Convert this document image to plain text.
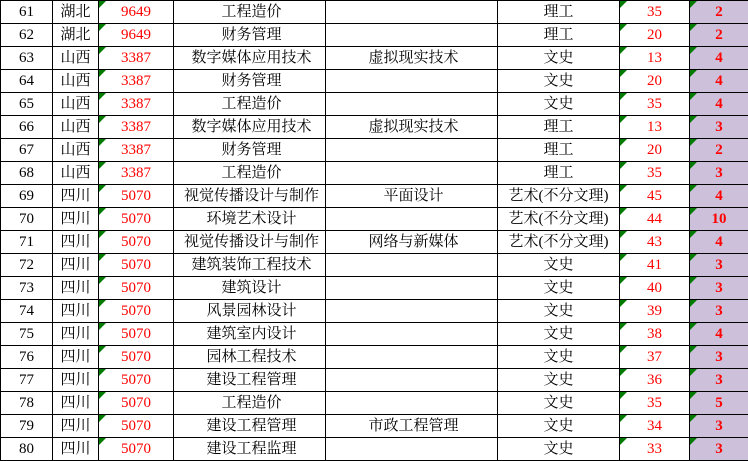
61	湖北	9649	工程造价		理工	35	2
62	湖北	9649	财务管理		理工	20	2
63	山西	3387	数字媒体应用技术	虚拟现实技术	文史	13	4
64	山西	3387	财务管理		文史	20	4
65	山西	3387	工程造价		文史	35	4
66	山西	3387	数字媒体应用技术	虚拟现实技术	理工	13	3
67	山西	3387	财务管理		理工	20	2
68	山西	3387	工程造价		理工	35	3
69	四川	5070	视觉传播设计与制作	平面设计	艺术(不分文理)	45	4
70	四川	5070	环境艺术设计		艺术(不分文理)	44	10
71	四川	5070	视觉传播设计与制作	网络与新媒体	艺术(不分文理)	43	4
72	四川	5070	建筑装饰工程技术		文史	41	3
73	四川	5070	建筑设计		文史	40	3
74	四川	5070	风景园林设计		文史	39	3
75	四川	5070	建筑室内设计		文史	38	4
76	四川	5070	园林工程技术		文史	37	3
77	四川	5070	建设工程管理		文史	36	3
78	四川	5070	工程造价		文史	35	5
79	四川	5070	建设工程管理	市政工程管理	文史	34	3
80	四川	5070	建设工程监理		文史	33	3
